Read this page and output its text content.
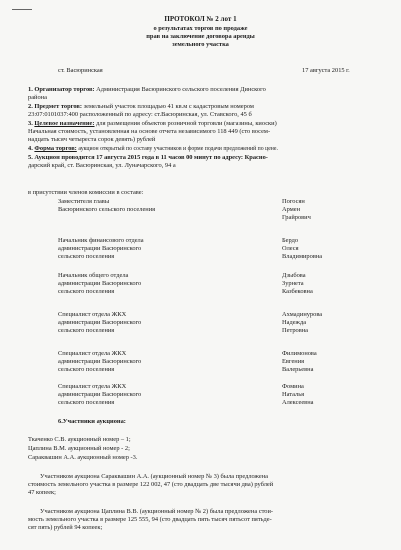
ПРОТОКОЛ № 2 лот 1
о результатах торгов по продаже
прав на заключение договора аренды
земельного участка
ст. Васюринская	17 августа 2015 г.
1. Организатор торгов: Администрация Васюринского сельского поселения Динского
района
2. Предмет торгов: земельный участок площадью 41 кв.м с кадастровым номером
23:07:0101037:400 расположенный по адресу: ст.Васюринская, ул. Ставского, 45 б
3. Целевое назначение: для размещения объектов розничной торговли (магазины, киоски)
Начальная стоимость, установленная на основе отчета независимого 118 449 (сто восем-
надцать тысяч четыреста сорок девять) рублей
4. Форма торгов: аукцион открытый по составу участников и форме подачи предложений по цене.
5. Аукцион проводится 17 августа 2015 года в 11 часов 00 минут по адресу: Красно-
дарский край, ст. Васюринская, ул. Луначарского, 94 а
в присутствии членов комиссии в составе:
Заместителя главы
Васюринского сельского поселения
Погосян
Армен
Грайрович
Начальник финансового отдела
администрации Васюринского
сельского поселения
Бердо
Олеся
Владимировна
Начальник общего отдела
администрации Васюринского
сельского поселения
Дзыбова
Зурнета
Казбековна
Специалист отдела ЖКХ
администрации Васюринского
сельского поселения
Ахмадинурова
Надежда
Петровна
Специалист отдела ЖКХ
администрации Васюринского
сельского поселения
Филимонова
Евгения
Валерьевна
Специалист отдела ЖКХ
администрации Васюринского
сельского поселения
Фомина
Наталья
Алексеевна
6.Участники аукциона:
Ткаченко С.В. аукционный номер – 1;
Цаплина В.М. аукционный номер - 2;
Сараквашин А.А. аукционный номер -3.
Участником аукциона Сараквашин А.А. (аукционный номер № 3) была предложена
стоимость земельного участка в размере 122 002, 47 (сто двадцать две тысячи два) рублей
47 копеек;
Участником аукциона Цаплина В.В. (аукционный номер № 2) была предложена стои-
мость земельного участка в размере 125 555, 94 (сто двадцать пять тысяч пятьсот пятьде-
сят пять) рублей 94 копеек;
